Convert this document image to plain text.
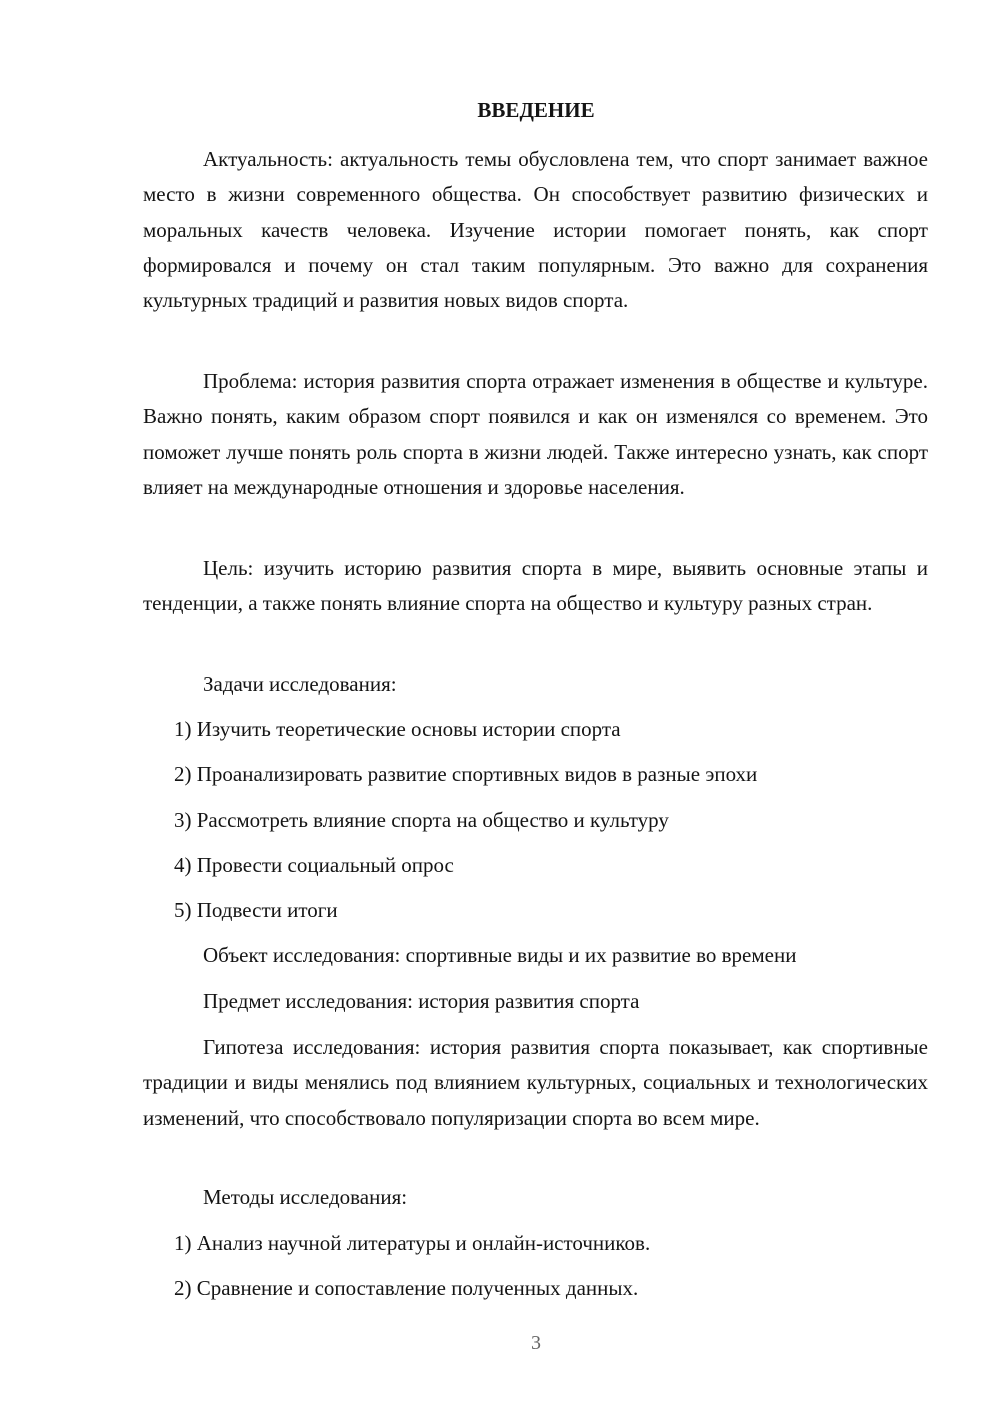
ВВЕДЕНИЕ

Актуальность: актуальность темы обусловлена тем, что спорт занимает важное место в жизни современного общества. Он способствует развитию физических и моральных качеств человека. Изучение истории помогает понять, как спорт формировался и почему он стал таким популярным. Это важно для сохранения культурных традиций и развития новых видов спорта.

Проблема: история развития спорта отражает изменения в обществе и культуре. Важно понять, каким образом спорт появился и как он изменялся со временем. Это поможет лучше понять роль спорта в жизни людей. Также интересно узнать, как спорт влияет на международные отношения и здоровье населения.

Цель: изучить историю развития спорта в мире, выявить основные этапы и тенденции, а также понять влияние спорта на общество и культуру разных стран.

Задачи исследования:

1) Изучить теоретические основы истории спорта

2) Проанализировать развитие спортивных видов в разные эпохи

3) Рассмотреть влияние спорта на общество и культуру

4) Провести социальный опрос

5) Подвести итоги

Объект исследования: спортивные виды и их развитие во времени

Предмет исследования: история развития спорта

Гипотеза исследования: история развития спорта показывает, как спортивные традиции и виды менялись под влиянием культурных, социальных и технологических изменений, что способствовало популяризации спорта во всем мире.

Методы исследования:

1) Анализ научной литературы и онлайн-источников.

2) Сравнение и сопоставление полученных данных.

3
